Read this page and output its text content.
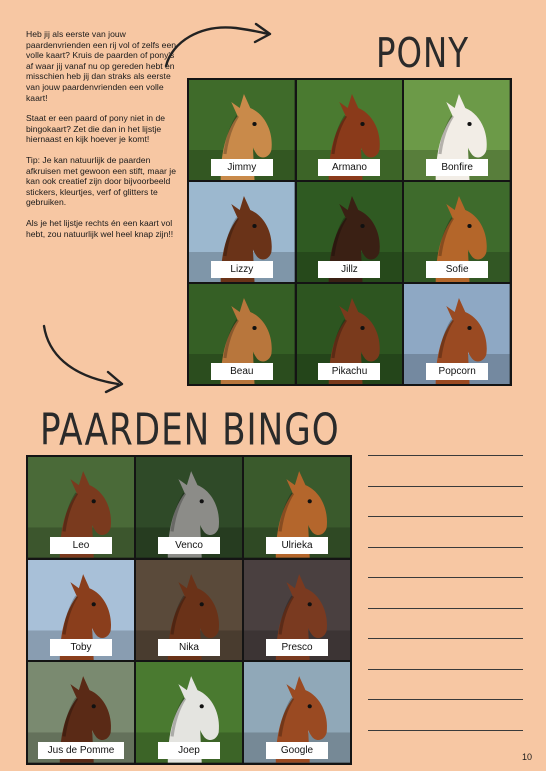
Heb jij als eerste van jouw paardenvrienden een rij vol of zelfs een volle kaart? Kruis de paarden of pony's af waar jij vanaf nu op gereden hebt en misschien heb jij dan straks als eerste van jouw paardenvrienden een volle kaart!

Staat er een paard of pony niet in de bingokaart? Zet die dan in het lijstje hiernaast en kijk hoever je komt!

Tip: Je kan natuurlijk de paarden afkruisen met gewoon een stift, maar je kan ook creatief zijn door bijvoorbeeld stickers, kleurtjes, verf of glitters te gebruiken.

Als je het lijstje rechts én een kaart vol hebt, zou natuurlijk wel heel knap zijn!!

PONY
PAARDEN BINGO
Jimmy	Armano	Bonfire
Lizzy	Jillz	Sofie
Beau	Pikachu	Popcorn
Leo	Venco	Ulrieka
Toby	Nika	Presco
Jus de Pomme	Joep	Google
10
